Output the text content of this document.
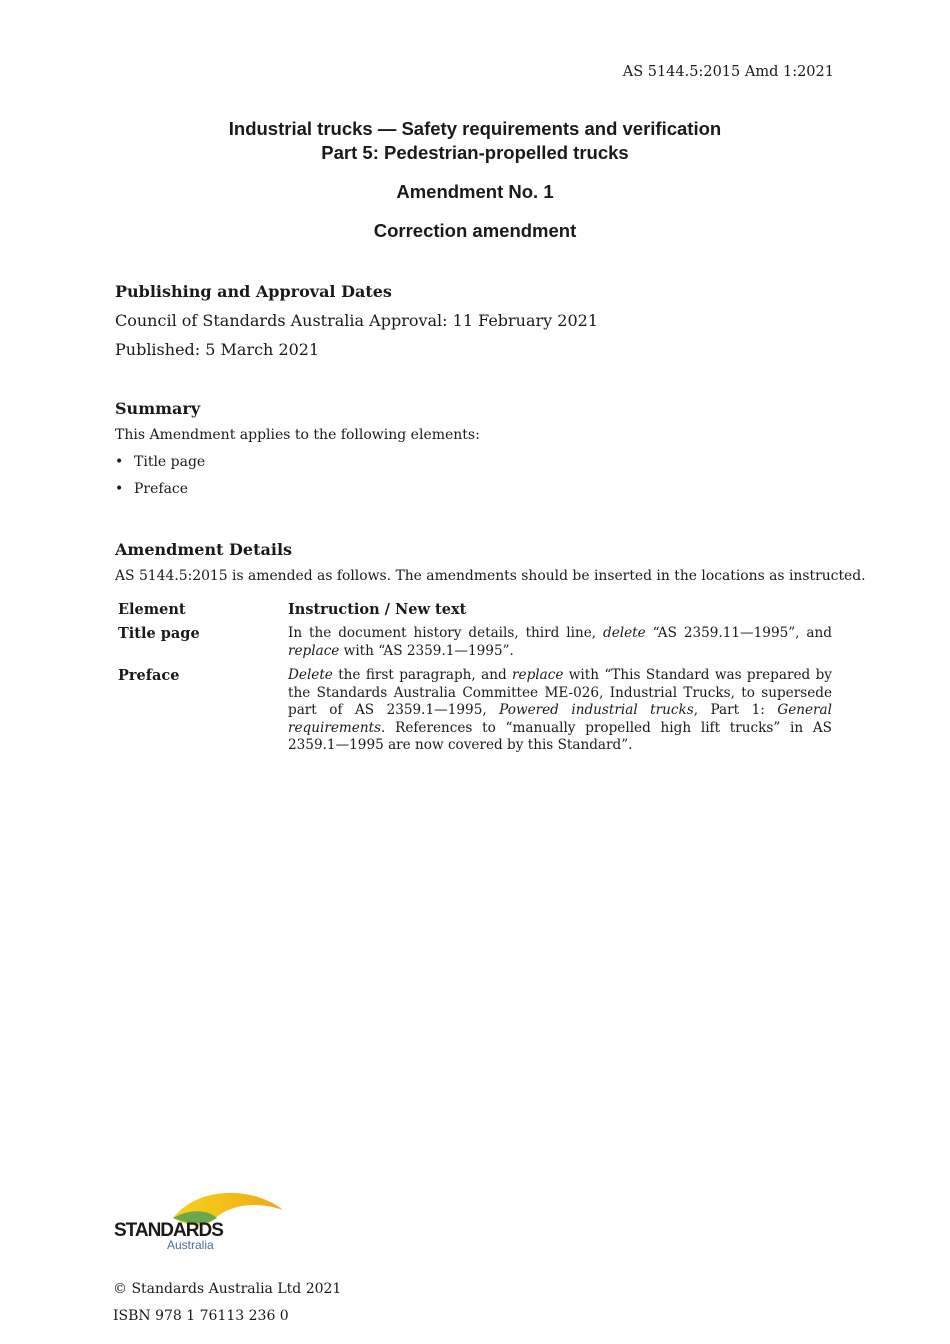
AS 5144.5:2015 Amd 1:2021
Industrial trucks — Safety requirements and verification
Part 5: Pedestrian-propelled trucks
Amendment No. 1
Correction amendment
Publishing and Approval Dates
Council of Standards Australia Approval: 11 February 2021
Published: 5 March 2021
Summary
This Amendment applies to the following elements:
• Title page
• Preface
Amendment Details
AS 5144.5:2015 is amended as follows. The amendments should be inserted in the locations as instructed.
Element	Instruction / New text
Title page	In the document history details, third line, delete “AS 2359.11—1995”, and replace with “AS 2359.1—1995”.
Preface	Delete the first paragraph, and replace with “This Standard was prepared by the Standards Australia Committee ME-026, Industrial Trucks, to supersede part of AS 2359.1—1995, Powered industrial trucks, Part 1: General requirements. References to “manually propelled high lift trucks” in AS 2359.1—1995 are now covered by this Standard”.
STANDARDS
Australia
© Standards Australia Ltd 2021
ISBN 978 1 76113 236 0
